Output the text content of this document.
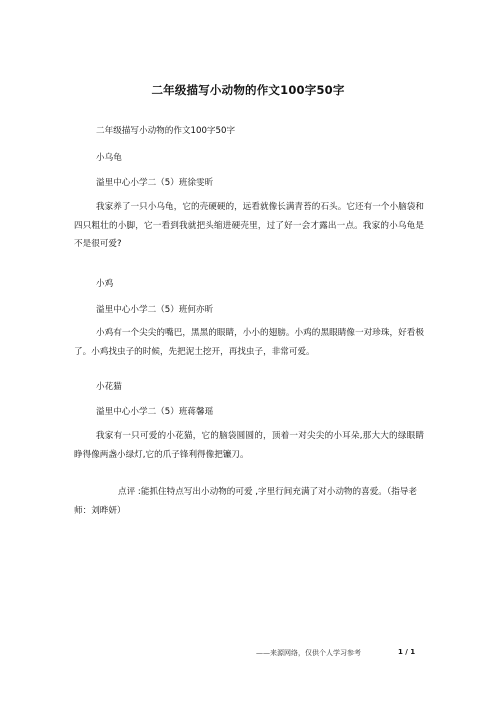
二年级描写小动物的作文100字50字
二年级描写小动物的作文100字50字
小乌龟
溢里中心小学二（5）班徐雯昕
我家养了一只小乌龟，它的壳硬硬的，远看就像长满青苔的石头。它还有一个小脑袋和四只粗壮的小脚，它一看到我就把头缩进硬壳里，过了好一会才露出一点。我家的小乌龟是不是很可爱?
小鸡
溢里中心小学二（5）班何亦昕
小鸡有一个尖尖的嘴巴，黑黑的眼睛，小小的翅膀。小鸡的黑眼睛像一对珍珠，好看极了。小鸡找虫子的时候，先把泥土挖开，再找虫子，非常可爱。
小花猫
溢里中心小学二（5）班蒋馨瑶
我家有一只可爱的小花猫，它的脑袋圆圆的，顶着一对尖尖的小耳朵,那大大的绿眼睛睁得像两盏小绿灯,它的爪子锋利得像把镰刀。
点评 :能抓住特点写出小动物的可爱 ,字里行间充满了对小动物的喜爱。（指导老师：刘晔妍）
——来源网络，仅供个人学习参考	1 / 1
